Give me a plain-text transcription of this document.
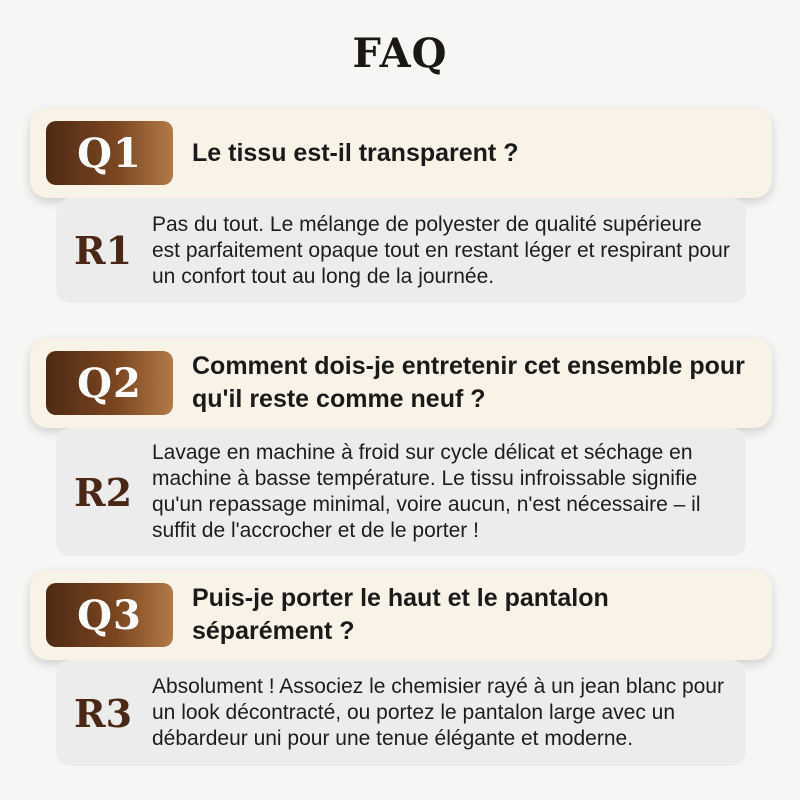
FAQ
Q1	Le tissu est-il transparent ?
R1
Pas du tout. Le mélange de polyester de qualité supérieure est parfaitement opaque tout en restant léger et respirant pour un confort tout au long de la journée.
Q2	Comment dois-je entretenir cet ensemble pour qu'il reste comme neuf ?
R2
Lavage en machine à froid sur cycle délicat et séchage en machine à basse température. Le tissu infroissable signifie qu'un repassage minimal, voire aucun, n'est nécessaire – il suffit de l'accrocher et de le porter !
Q3	Puis-je porter le haut et le pantalon séparément ?
R3
Absolument ! Associez le chemisier rayé à un jean blanc pour un look décontracté, ou portez le pantalon large avec un débardeur uni pour une tenue élégante et moderne.
